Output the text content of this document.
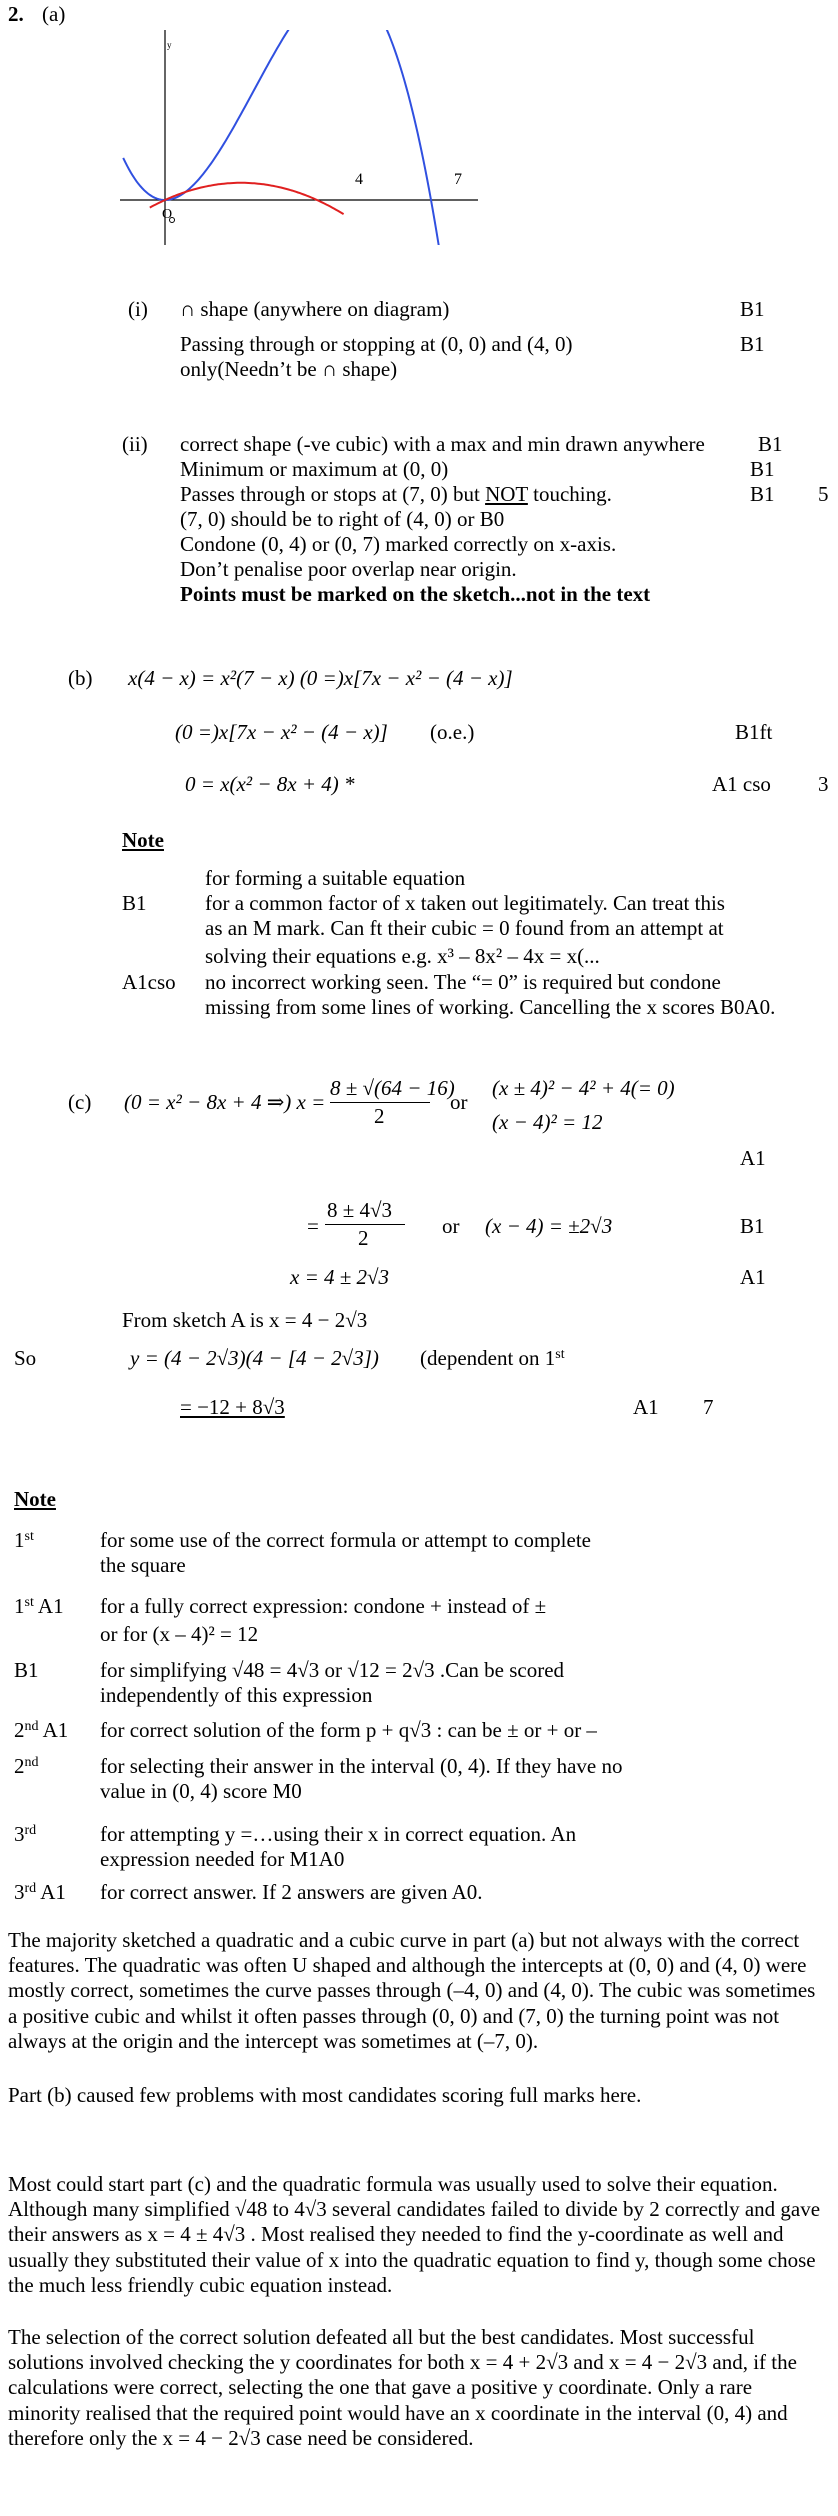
2. (a)
y
4	7
O
(i) ∩ shape (anywhere on diagram)	B1
Passing through or stopping at (0, 0) and (4, 0)	B1
only(Needn’t be ∩ shape)
(ii) correct shape (-ve cubic) with a max and min drawn anywhere	B1
Minimum or maximum at (0, 0)	B1
Passes through or stops at (7, 0) but NOT touching.	B1 5
(7, 0) should be to right of (4, 0) or B0
Condone (0, 4) or (0, 7) marked correctly on x-axis.
Don’t penalise poor overlap near origin.
Points must be marked on the sketch...not in the text
(b) x(4 − x) = x²(7 − x) (0 =)x[7x − x² − (4 − x)]
(0 =)x[7x − x² − (4 − x)] (o.e.)	B1ft
0 = x(x² − 8x + 4) *	A1 cso 3
Note
for forming a suitable equation
B1	for a common factor of x taken out legitimately. Can treat this
as an M mark. Can ft their cubic = 0 found from an attempt at
solving their equations e.g. x³ – 8x² – 4x = x(...
A1cso no incorrect working seen. The “= 0” is required but condone
missing from some lines of working. Cancelling the x scores B0A0.
(c) (0 = x² − 8x + 4 ⇒) x =
8 ± √(64 − 16)
2
or
(x ± 4)² − 4² + 4(= 0)
(x − 4)² = 12
A1
=
8 ± 4√3
2	or (x − 4) = ±2√3	B1
x = 4 ± 2√3	A1
From sketch A is x = 4 − 2√3
So	y = (4 − 2√3)(4 − [4 − 2√3]) (dependent on 1st
= −12 + 8√3	A1 7
Note
1st	for some use of the correct formula or attempt to complete
the square
1st A1 for a fully correct expression: condone + instead of ±
or for (x – 4)² = 12
B1	for simplifying √48 = 4√3 or √12 = 2√3 .Can be scored
independently of this expression
2nd A1 for correct solution of the form p + q√3 : can be ± or + or –
2nd	for selecting their answer in the interval (0, 4). If they have no
value in (0, 4) score M0
3rd	for attempting y =…using their x in correct equation. An
expression needed for M1A0
3rd A1 for correct answer. If 2 answers are given A0.
The majority sketched a quadratic and a cubic curve in part (a) but not always with the correct features. The quadratic was often U shaped and although the intercepts at (0, 0) and (4, 0) were mostly correct, sometimes the curve passes through (–4, 0) and (4, 0). The cubic was sometimes a positive cubic and whilst it often passes through (0, 0) and (7, 0) the turning point was not always at the origin and the intercept was sometimes at (–7, 0).
Part (b) caused few problems with most candidates scoring full marks here.
Most could start part (c) and the quadratic formula was usually used to solve their equation. Although many simplified √48 to 4√3 several candidates failed to divide by 2 correctly and gave their answers as x = 4 ± 4√3 . Most realised they needed to find the y-coordinate as well and usually they substituted their value of x into the quadratic equation to find y, though some chose the much less friendly cubic equation instead.
The selection of the correct solution defeated all but the best candidates. Most successful solutions involved checking the y coordinates for both x = 4 + 2√3 and x = 4 − 2√3 and, if the calculations were correct, selecting the one that gave a positive y coordinate. Only a rare minority realised that the required point would have an x coordinate in the interval (0, 4) and therefore only the x = 4 − 2√3 case need be considered.
